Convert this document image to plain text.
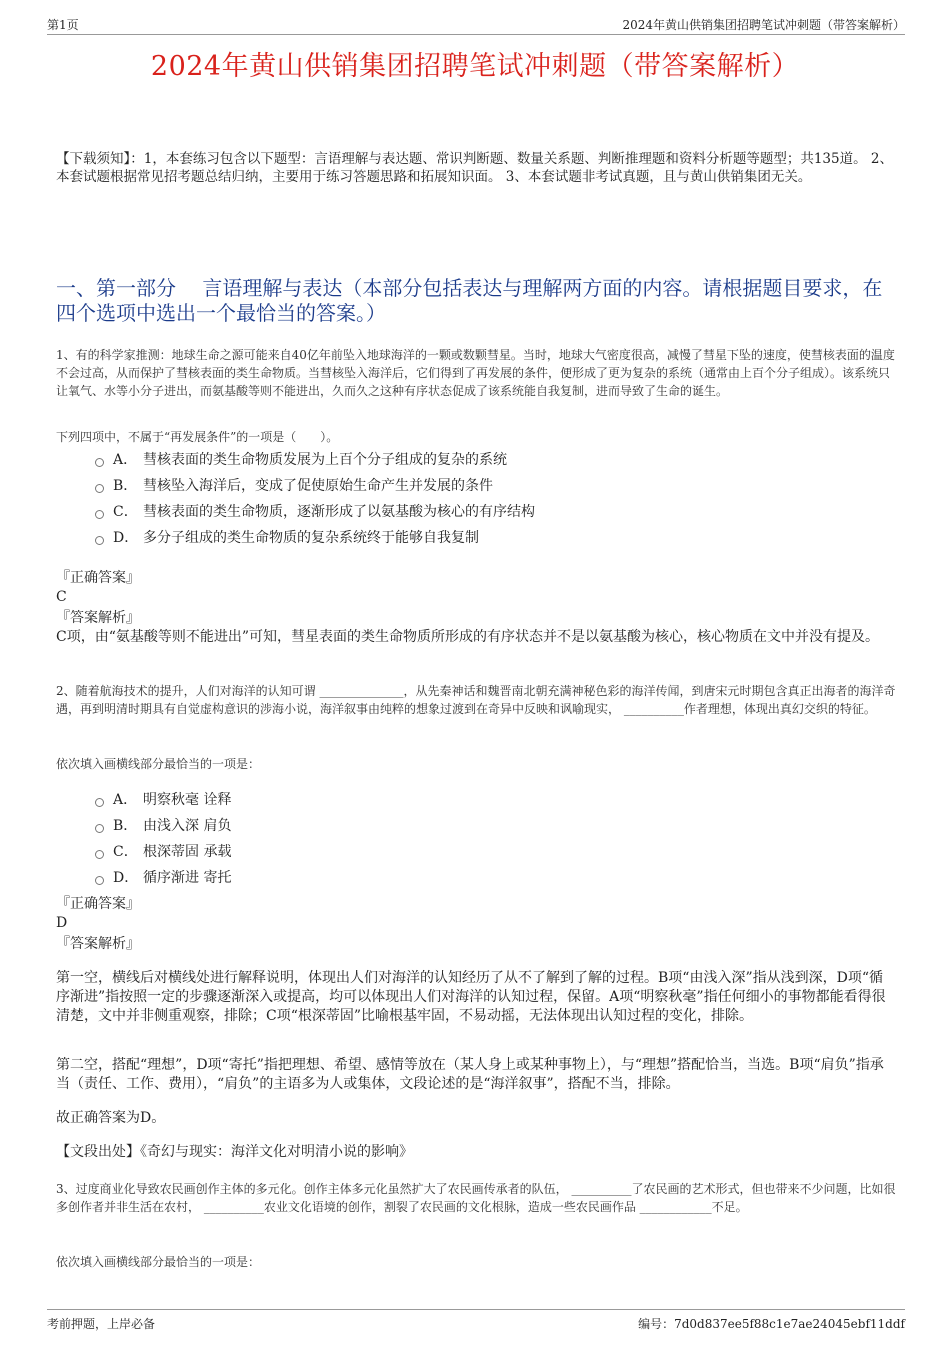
第1页	2024年黄山供销集团招聘笔试冲刺题（带答案解析）
2024年黄山供销集团招聘笔试冲刺题（带答案解析）
【下载须知】：1，本套练习包含以下题型：言语理解与表达题、常识判断题、数量关系题、判断推理题和资料分析题等题型；共135道。 2、本套试题根据常见招考题总结归纳，主要用于练习答题思路和拓展知识面。 3、本套试题非考试真题，且与黄山供销集团无关。
一、第一部分　 言语理解与表达（本部分包括表达与理解两方面的内容。请根据题目要求，在四个选项中选出一个最恰当的答案。）
1、有的科学家推测：地球生命之源可能来自40亿年前坠入地球海洋的一颗或数颗彗星。当时，地球大气密度很高，减慢了彗星下坠的速度，使彗核表面的温度不会过高，从而保护了彗核表面的类生命物质。当彗核坠入海洋后，它们得到了再发展的条件，便形成了更为复杂的系统（通常由上百个分子组成）。该系统只让氧气、水等小分子进出，而氨基酸等则不能进出，久而久之这种有序状态促成了该系统能自我复制，进而导致了生命的诞生。
下列四项中，不属于“再发展条件”的一项是（　　）。
A． 彗核表面的类生命物质发展为上百个分子组成的复杂的系统
B． 彗核坠入海洋后，变成了促使原始生命产生并发展的条件
C． 彗核表面的类生命物质，逐渐形成了以氨基酸为核心的有序结构
D． 多分子组成的类生命物质的复杂系统终于能够自我复制
『正确答案』
C
『答案解析』
C项，由“氨基酸等则不能进出”可知，彗星表面的类生命物质所形成的有序状态并不是以氨基酸为核心，核心物质在文中并没有提及。
2、随着航海技术的提升，人们对海洋的认知可谓 ______________，从先秦神话和魏晋南北朝充满神秘色彩的海洋传闻，到唐宋元时期包含真正出海者的海洋奇遇，再到明清时期具有自觉虚构意识的涉海小说，海洋叙事由纯粹的想象过渡到在奇异中反映和讽喻现实， __________作者理想，体现出真幻交织的特征。
依次填入画横线部分最恰当的一项是：
A． 明察秋毫 诠释
B． 由浅入深 肩负
C． 根深蒂固 承载
D． 循序渐进 寄托
『正确答案』
D
『答案解析』
第一空，横线后对横线处进行解释说明，体现出人们对海洋的认知经历了从不了解到了解的过程。B项“由浅入深”指从浅到深，D项“循序渐进”指按照一定的步骤逐渐深入或提高，均可以体现出人们对海洋的认知过程，保留。A项“明察秋毫”指任何细小的事物都能看得很清楚，文中并非侧重观察，排除；C项“根深蒂固”比喻根基牢固，不易动摇，无法体现出认知过程的变化，排除。
第二空，搭配“理想”，D项“寄托”指把理想、希望、感情等放在（某人身上或某种事物上），与“理想”搭配恰当，当选。B项“肩负”指承当（责任、工作、费用），“肩负”的主语多为人或集体，文段论述的是“海洋叙事”，搭配不当，排除。
故正确答案为D。
【文段出处】《奇幻与现实：海洋文化对明清小说的影响》
3、过度商业化导致农民画创作主体的多元化。创作主体多元化虽然扩大了农民画传承者的队伍， __________了农民画的艺术形式，但也带来不少问题，比如很多创作者并非生活在农村， __________农业文化语境的创作，割裂了农民画的文化根脉，造成一些农民画作品 ____________不足。
依次填入画横线部分最恰当的一项是：
考前押题，上岸必备	编号：7d0d837ee5f88c1e7ae24045ebf11ddf
